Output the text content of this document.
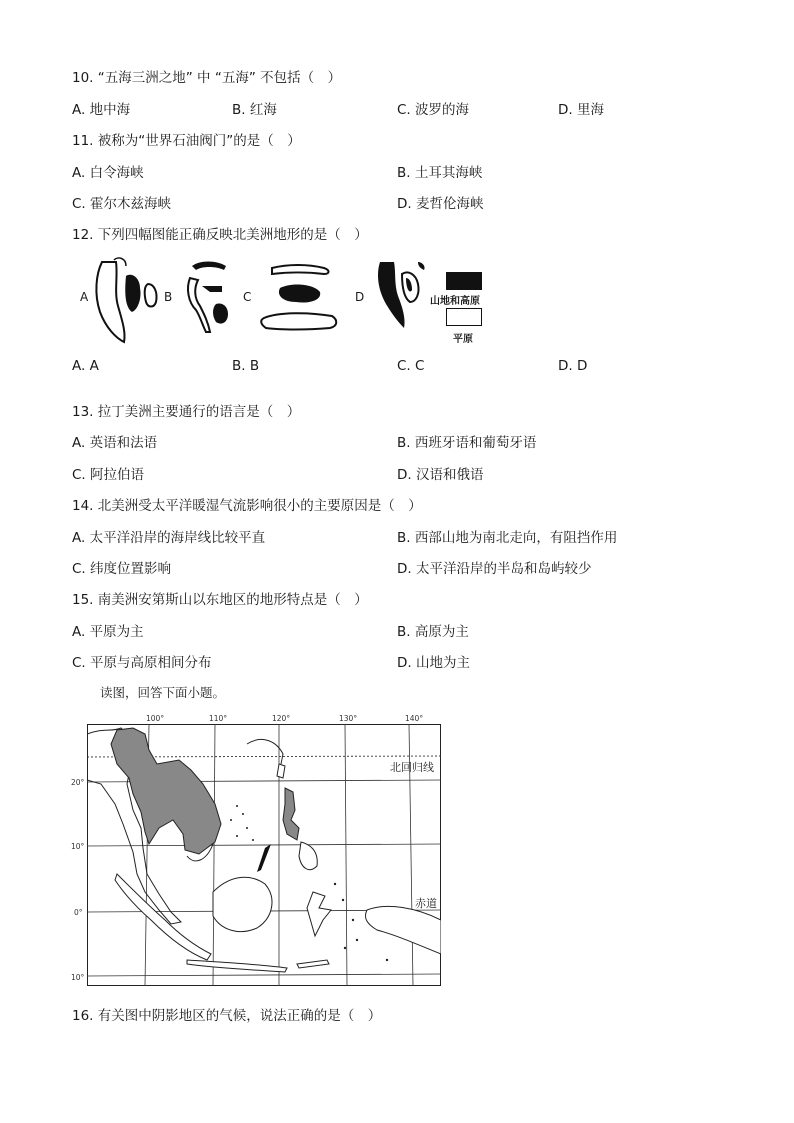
10. “五海三洲之地” 中 “五海” 不包括（　）
A. 地中海	B. 红海	C. 波罗的海	D. 里海
11. 被称为“世界石油阀门”的是（　）
A. 白令海峡	B. 土耳其海峡
C. 霍尔木兹海峡	D. 麦哲伦海峡
12. 下列四幅图能正确反映北美洲地形的是（　）
A	B	C	D	山地和高原
平原
A. A	B. B	C. C	D. D
13. 拉丁美洲主要通行的语言是（　）
A. 英语和法语	B. 西班牙语和葡萄牙语
C. 阿拉伯语	D. 汉语和俄语
14. 北美洲受太平洋暖湿气流影响很小的主要原因是（　）
A. 太平洋沿岸的海岸线比较平直	B. 西部山地为南北走向，有阻挡作用
C. 纬度位置影响	D. 太平洋沿岸的半岛和岛屿较少
15. 南美洲安第斯山以东地区的地形特点是（　）
A. 平原为主	B. 高原为主
C. 平原与高原相间分布	D. 山地为主
读图，回答下面小题。
100°	110°	120°	130°	140°
20°
10°
0°
10°
北回归线
赤道
16. 有关图中阴影地区的气候，说法正确的是（　）
